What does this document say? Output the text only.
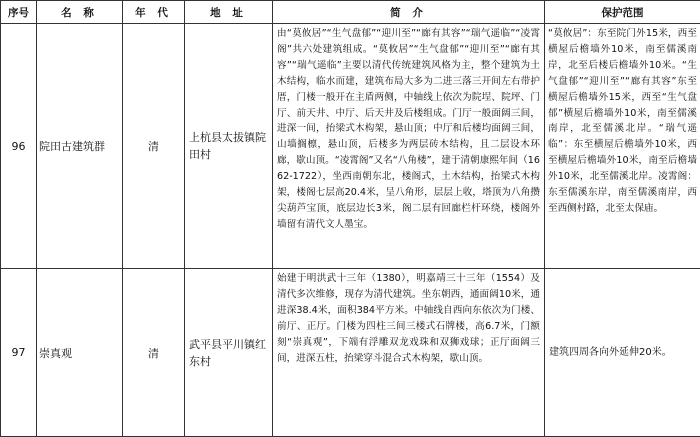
序号	名 称	年 代	地 址	简 介	保护范围
96	院田古建筑群	清	上杭县太拔镇院田村	由“莫攸居”“生气盘郁”“迎川至”“廊有其容”“瑞气遥临”“凌霄阁”共六处建筑组成。“莫攸居”“生气盘郁”“迎川至”“廊有其容”“瑞气遥临”主要以清代传统建筑风格为主，整个建筑为土木结构，临水而建，建筑布局大多为二进三落三开间左右带护厝，门楼一般开在主盾两侧，中轴线上依次为院埕、院坪、门厅、前天井、中厅、后天井及后楼组成。门厅一般面阔三间，进深一间，抬梁式木构架，悬山顶；中厅和后楼均面阔三间，山墙搁檩，悬山顶，后楼多为两层砖木结构，且二层设木环廊，歇山顶。“凌霄阁”又名“八角楼”，建于清朝康熙年间（1662-1722），坐西南朝东北，楼阁式，土木结构，抬梁式木构架，楼阁七层高20.4米，呈八角形，层层上收，塔顶为八角攒尖葫芦宝顶，底层边长3米，阁二层有回廊栏杆环绕，楼阁外墙留有清代文人墨宝。	“莫攸居”：东至院门外15米，西至横屋后檐墙外10米，南至儒溪南岸，北至后楼后檐墙外10米。“生气盘郁”“迎川至”“廊有其容”东至横屋后檐墙外15米，西至“生气盘郁”横屋后檐墙外10米，南至儒溪南岸，北至儒溪北岸。“瑞气遥临”：东至横屋后檐墙外10米，西至横屋后檐墙外10米，南至后檐墙外10米，北至儒溪北岸。凌霄阁：东至儒溪东岸，南至儒溪南岸，西至西侧村路，北至太保庙。

97	崇真观	清	武平县平川镇红东村	始建于明洪武十三年（1380），明嘉靖三十三年（1554）及清代多次维修，现存为清代建筑。坐东朝西，通面阔10米，通进深38.4米，面积384平方米。中轴线自西向东依次为门楼、前厅、正厅。门楼为四柱三间三楼式石牌楼，高6.7米，门额刻“崇真观”，下端有浮雕双龙戏珠和双狮戏球；正厅面阔三间，进深五柱，抬梁穿斗混合式木构架，歇山顶。	建筑四周各向外延伸20米。
